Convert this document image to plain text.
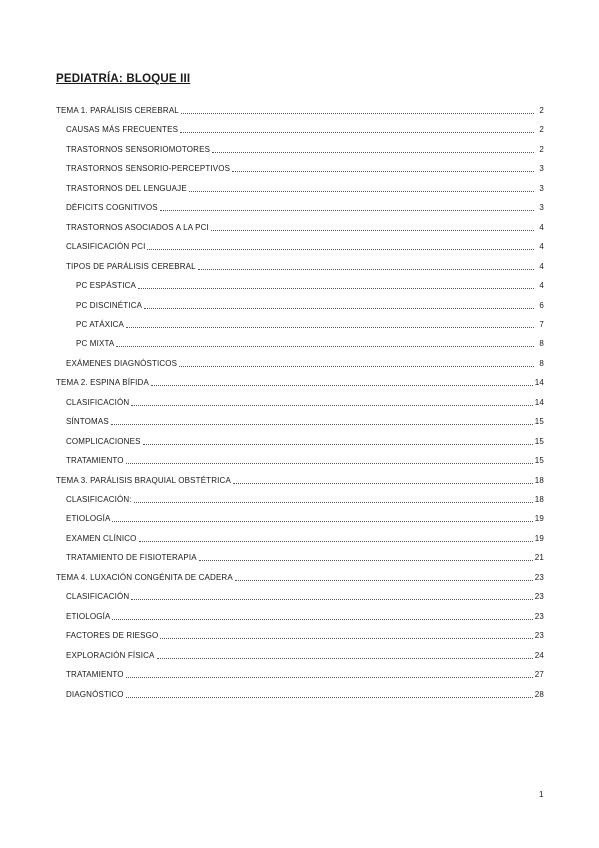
PEDIATRÍA: BLOQUE III
TEMA 1. PARÁLISIS CEREBRAL	2
CAUSAS MÁS FRECUENTES	2
TRASTORNOS SENSORIOMOTORES	2
TRASTORNOS SENSORIO-PERCEPTIVOS	3
TRASTORNOS DEL LENGUAJE	3
DÉFICITS COGNITIVOS	3
TRASTORNOS ASOCIADOS A LA PCI	4
CLASIFICACIÓN PCI	4
TIPOS DE PARÁLISIS CEREBRAL	4
PC ESPÁSTICA	4
PC DISCINÉTICA	6
PC ATÁXICA	7
PC MIXTA	8
EXÁMENES DIAGNÓSTICOS	8
TEMA 2. ESPINA BÍFIDA	14
CLASIFICACIÓN	14
SÍNTOMAS	15
COMPLICACIONES	15
TRATAMIENTO	15
TEMA 3. PARÁLISIS BRAQUIAL OBSTÉTRICA	18
CLASIFICACIÓN:	18
ETIOLOGÍA	19
EXAMEN CLÍNICO	19
TRATAMIENTO DE FISIOTERAPIA	21
TEMA 4. LUXACIÓN CONGÉNITA DE CADERA	23
CLASIFICACIÓN	23
ETIOLOGÍA	23
FACTORES DE RIESGO	23
EXPLORACIÓN FÍSICA	24
TRATAMIENTO	27
DIAGNÓSTICO	28
1
